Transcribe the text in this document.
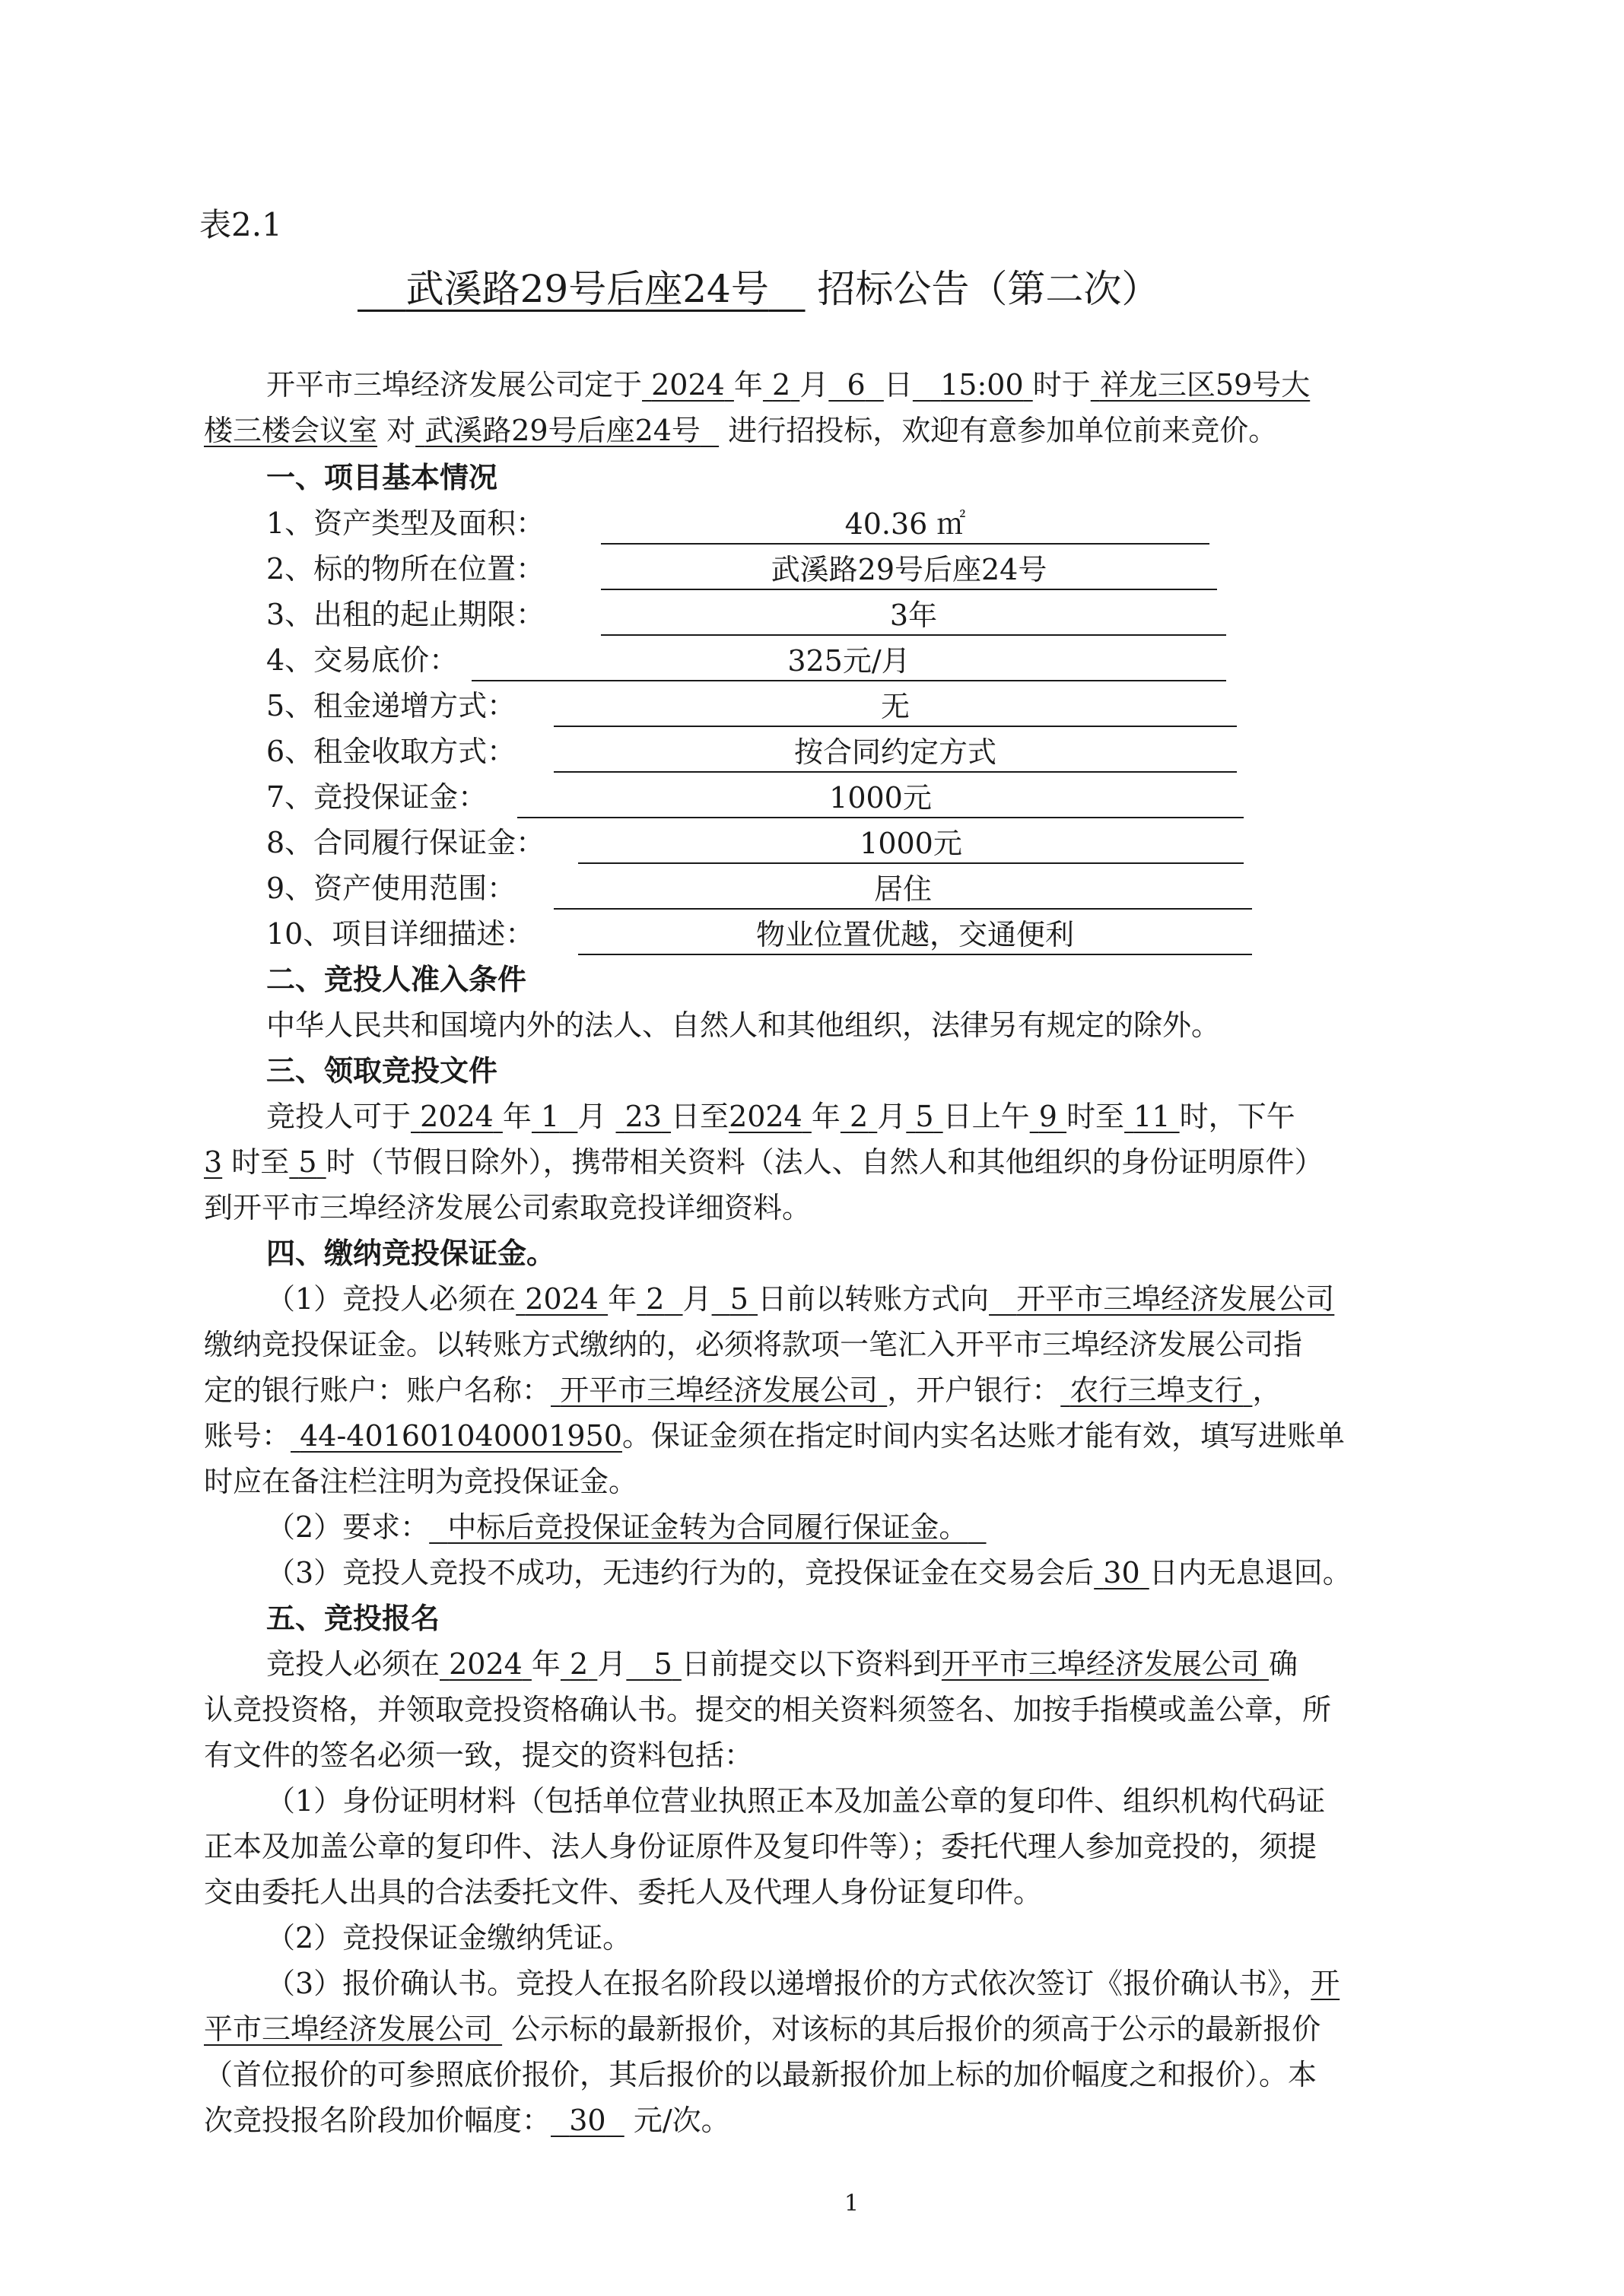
表2.1
武溪路29号后座24号 招标公告（第二次）
开平市三埠经济发展公司定于 2024 年 2 月 6 日 15:00 时于 祥龙三区59号大
楼三楼会议室 对 武溪路29号后座24号 进行招投标，欢迎有意参加单位前来竞价。
一、项目基本情况
1、资产类型及面积：	40.36 ㎡
2、标的物所在位置：	武溪路29号后座24号
3、出租的起止期限：	3年
4、交易底价：	325元/月
5、租金递增方式：	无
6、租金收取方式：	按合同约定方式
7、竞投保证金：	1000元
8、合同履行保证金：	1000元
9、资产使用范围：	居住
10、项目详细描述：	物业位置优越，交通便利
二、竞投人准入条件
中华人民共和国境内外的法人、自然人和其他组织，法律另有规定的除外。
三、领取竞投文件
竞投人可于 2024 年 1 月 23 日至2024 年 2 月 5 日上午 9 时至 11 时，下午
3 时至 5 时（节假日除外），携带相关资料（法人、自然人和其他组织的身份证明原件）
到开平市三埠经济发展公司索取竞投详细资料。
四、缴纳竞投保证金。
（1）竞投人必须在 2024 年 2 月 5 日前以转账方式向 开平市三埠经济发展公司
缴纳竞投保证金。以转账方式缴纳的，必须将款项一笔汇入开平市三埠经济发展公司指
定的银行账户：账户名称： 开平市三埠经济发展公司 ，开户银行： 农行三埠支行 ，
账号： 44-401601040001950。保证金须在指定时间内实名达账才能有效，填写进账单
时应在备注栏注明为竞投保证金。
（2）要求： 中标后竞投保证金转为合同履行保证金。
（3）竞投人竞投不成功，无违约行为的，竞投保证金在交易会后 30 日内无息退回。
五、竞投报名
竞投人必须在 2024 年 2 月 5 日前提交以下资料到开平市三埠经济发展公司 确
认竞投资格，并领取竞投资格确认书。提交的相关资料须签名、加按手指模或盖公章，所
有文件的签名必须一致，提交的资料包括：
（1）身份证明材料（包括单位营业执照正本及加盖公章的复印件、组织机构代码证
正本及加盖公章的复印件、法人身份证原件及复印件等）；委托代理人参加竞投的，须提
交由委托人出具的合法委托文件、委托人及代理人身份证复印件。
（2）竞投保证金缴纳凭证。
（3）报价确认书。竞投人在报名阶段以递增报价的方式依次签订《报价确认书》，开
平市三埠经济发展公司 公示标的最新报价，对该标的其后报价的须高于公示的最新报价
（首位报价的可参照底价报价，其后报价的以最新报价加上标的加价幅度之和报价）。本
次竞投报名阶段加价幅度： 30 元/次。
1
